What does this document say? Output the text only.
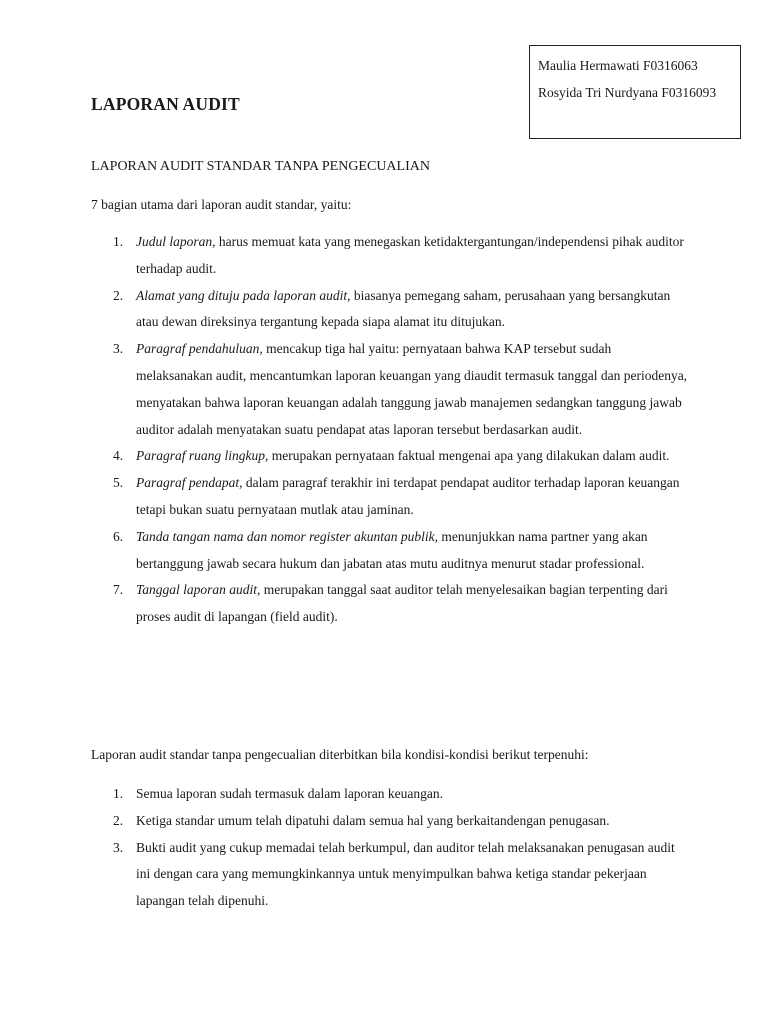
Maulia Hermawati F0316063
Rosyida Tri Nurdyana F0316093
LAPORAN AUDIT
LAPORAN AUDIT STANDAR TANPA PENGECUALIAN

7 bagian utama dari laporan audit standar, yaitu:

1. Judul laporan, harus memuat kata yang menegaskan ketidaktergantungan/independensi pihak auditor terhadap audit.
2. Alamat yang dituju pada laporan audit, biasanya pemegang saham, perusahaan yang bersangkutan atau dewan direksinya tergantung kepada siapa alamat itu ditujukan.
3. Paragraf pendahuluan, mencakup tiga hal yaitu: pernyataan bahwa KAP tersebut sudah melaksanakan audit, mencantumkan laporan keuangan yang diaudit termasuk tanggal dan periodenya, menyatakan bahwa laporan keuangan adalah tanggung jawab manajemen sedangkan tanggung jawab auditor adalah menyatakan suatu pendapat atas laporan tersebut berdasarkan audit.
4. Paragraf ruang lingkup, merupakan pernyataan faktual mengenai apa yang dilakukan dalam audit.
5. Paragraf pendapat, dalam paragraf terakhir ini terdapat pendapat auditor terhadap laporan keuangan tetapi bukan suatu pernyataan mutlak atau jaminan.
6. Tanda tangan nama dan nomor register akuntan publik, menunjukkan nama partner yang akan bertanggung jawab secara hukum dan jabatan atas mutu auditnya menurut stadar professional.
7. Tanggal laporan audit, merupakan tanggal saat auditor telah menyelesaikan bagian terpenting dari proses audit di lapangan (field audit).

Laporan audit standar tanpa pengecualian diterbitkan bila kondisi-kondisi berikut terpenuhi:

1. Semua laporan sudah termasuk dalam laporan keuangan.
2. Ketiga standar umum telah dipatuhi dalam semua hal yang berkaitandengan penugasan.
3. Bukti audit yang cukup memadai telah berkumpul, dan auditor telah melaksanakan penugasan audit ini dengan cara yang memungkinkannya untuk menyimpulkan bahwa ketiga standar pekerjaan lapangan telah dipenuhi.
